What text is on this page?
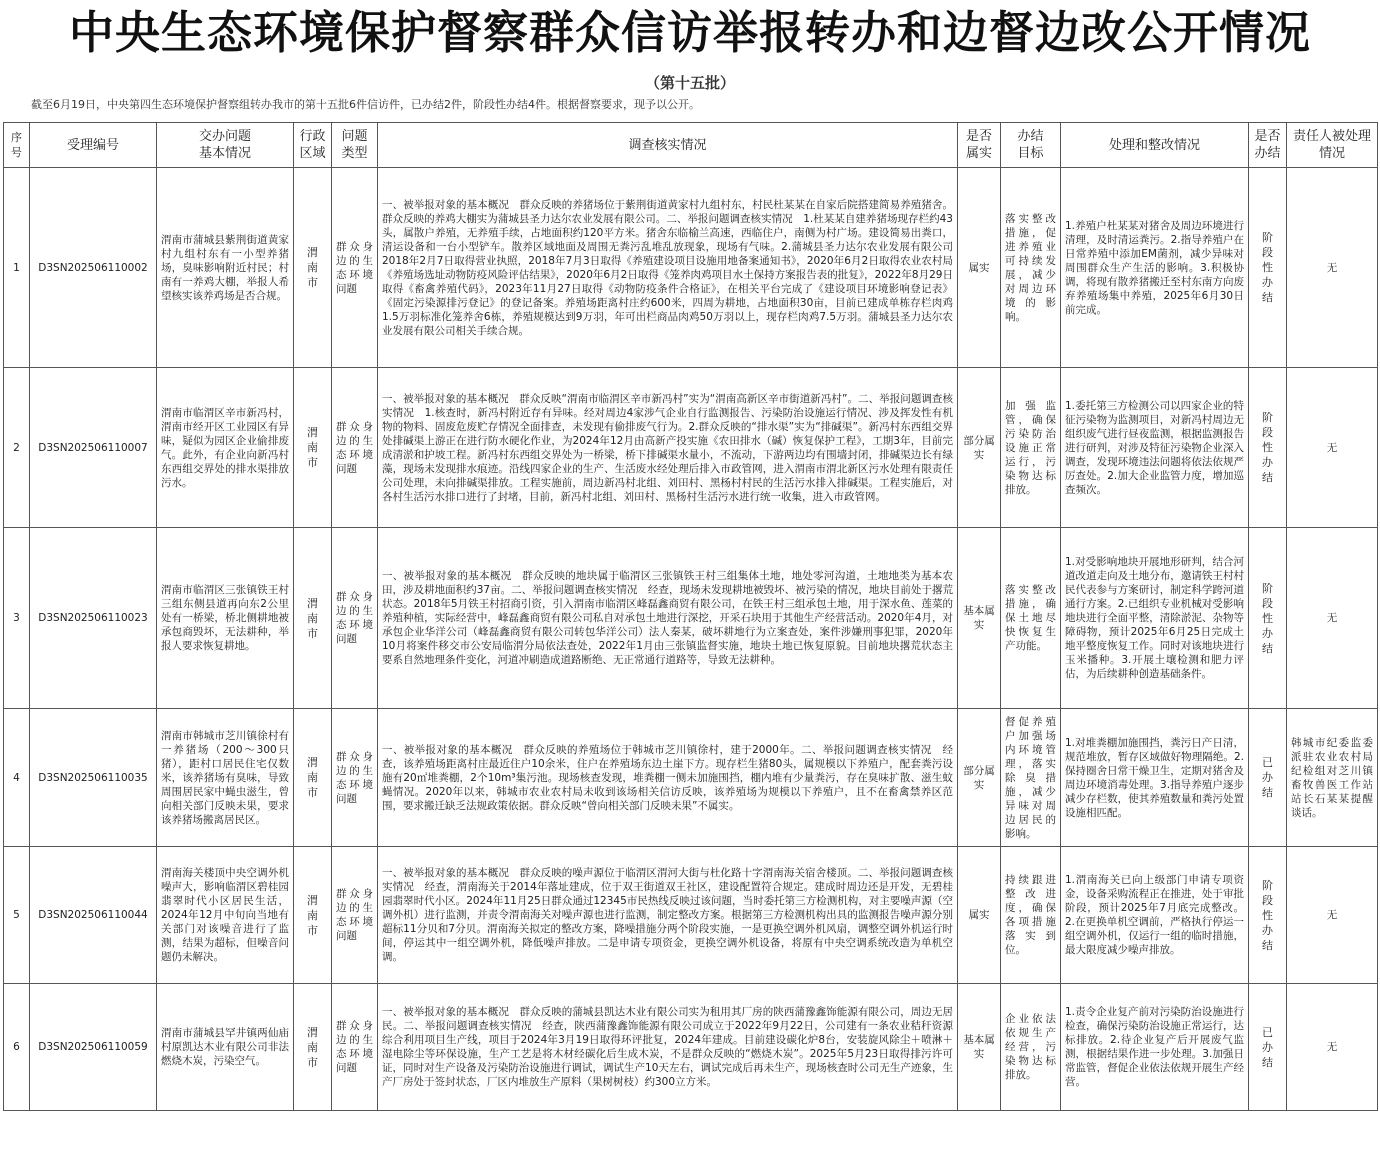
中央生态环境保护督察群众信访举报转办和边督边改公开情况
（第十五批）
截至6月19日，中央第四生态环境保护督察组转办我市的第十五批6件信访件，已办结2件，阶段性办结4件。根据督察要求，现予以公开。
序号	受理编号	交办问题基本情况	行政区域	问题类型	调查核实情况	是否属实	办结目标	处理和整改情况	是否办结	责任人被处理情况
1	D3SN202506110002	渭南市蒲城县紫荆街道黄家村九组村东有一小型养猪场，臭味影响附近村民；村南有一养鸡大棚，举报人希望核实该养鸡场是否合规。	渭南市	群众身边的生态环境问题	一、被举报对象的基本概况　群众反映的养猪场位于紫荆街道黄家村九组村东，村民杜某某在自家后院搭建简易养殖猪舍。群众反映的养鸡大棚实为蒲城县圣力达尔农业发展有限公司。二、举报问题调查核实情况　1.杜某某自建养猪场现存栏约43头，属散户养殖，无养殖手续，占地面积约120平方米。猪舍东临榆兰高速，西临住户，南侧为村广场。建设简易出粪口，清运设备和一台小型铲车。散养区域地面及周围无粪污乱堆乱放现象，现场有气味。2.蒲城县圣力达尔农业发展有限公司2018年2月7日取得营业执照，2018年7月3日取得《养殖建设项目设施用地备案通知书》，2020年6月2日取得农业农村局《养殖场选址动物防疫风险评估结果》，2020年6月2日取得《笼养肉鸡项目水土保持方案报告表的批复》，2022年8月29日取得《畜禽养殖代码》，2023年11月27日取得《动物防疫条件合格证》，在相关平台完成了《建设项目环境影响登记表》《固定污染源排污登记》的登记备案。养殖场距离村庄约600米，四周为耕地，占地面积30亩，目前已建成单栋存栏肉鸡1.5万羽标准化笼养舍6栋，养殖规模达到9万羽，年可出栏商品肉鸡50万羽以上，现存栏肉鸡7.5万羽。蒲城县圣力达尔农业发展有限公司相关手续合规。	属实	落实整改措施，促进养殖业可持续发展，减少对周边环境的影响。	1.养殖户杜某某对猪舍及周边环境进行清理，及时清运粪污。2.指导养殖户在日常养殖中添加EM菌剂，减少异味对周围群众生产生活的影响。3.积极协调，将现有散养猪搬迁至村东南方向废弃养殖场集中养殖，2025年6月30日前完成。	阶段性办结	无
2	D3SN202506110007	渭南市临渭区辛市新冯村，渭南市经开区工业园区有异味，疑似为园区企业偷排废气。此外，有企业向新冯村东西组交界处的排水渠排放污水。	渭南市	群众身边的生态环境问题	一、被举报对象的基本概况　群众反映“渭南市临渭区辛市新冯村”实为“渭南高新区辛市街道新冯村”。二、举报问题调查核实情况　1.核查时，新冯村附近存有异味。经对周边4家涉气企业自行监测报告、污染防治设施运行情况、涉及挥发性有机物的物料、固废危废贮存情况全面排查，未发现有偷排废气行为。2.群众反映的“排水渠”实为“排碱渠”。新冯村东西组交界处排碱渠上游正在进行防水硬化作业，为2024年12月由高新产投实施《农田排水（碱）恢复保护工程》，工期3年，目前完成清淤和护坡工程。新冯村东西组交界处为一桥梁，桥下排碱渠水量小，不流动，下游两边均有围墙封闭，排碱渠边长有绿藻，现场未发现排水痕迹。沿线四家企业的生产、生活废水经处理后排入市政管网，进入渭南市渭北新区污水处理有限责任公司处理，未向排碱渠排放。工程实施前，周边新冯村北组、刘田村、黑杨村村民的生活污水排入排碱渠。工程实施后，对各村生活污水排口进行了封堵，目前，新冯村北组、刘田村、黑杨村生活污水进行统一收集，进入市政管网。	部分属实	加强监管，确保污染防治设施正常运行，污染物达标排放。	1.委托第三方检测公司以四家企业的特征污染物为监测项目，对新冯村周边无组织废气进行昼夜监测，根据监测报告进行研判，对涉及特征污染物企业深入调查，发现环境违法问题将依法依规严厉查处。2.加大企业监管力度，增加巡查频次。	阶段性办结	无
3	D3SN202506110023	渭南市临渭区三张镇铁王村三组东侧县道再向东2公里处有一桥梁，桥北侧耕地被承包商毁坏，无法耕种，举报人要求恢复耕地。	渭南市	群众身边的生态环境问题	一、被举报对象的基本概况　群众反映的地块属于临渭区三张镇铁王村三组集体土地，地处零河沟道，土地地类为基本农田，涉及耕地面积约37亩。二、举报问题调查核实情况　经查，现场未发现耕地被毁坏、被污染的情况，地块目前处于撂荒状态。2018年5月铁王村招商引资，引入渭南市临渭区峰磊鑫商贸有限公司，在铁王村三组承包土地，用于深水鱼、莲菜的养殖种植，实际经营中，峰磊鑫商贸有限公司私自对承包土地进行深挖，开采石块用于其他生产经营活动。2020年4月，对承包企业华洋公司（峰磊鑫商贸有限公司转包华洋公司）法人秦某，破坏耕地行为立案查处，案件涉嫌刑事犯罪，2020年10月将案件移交市公安局临渭分局依法查处，2022年1月由三张镇监督实施，地块土地已恢复原貌。目前地块撂荒状态主要系自然地理条件变化，河道冲刷造成道路断绝、无正常通行道路等，导致无法耕种。	基本属实	落实整改措施，确保土地尽快恢复生产功能。	1.对受影响地块开展地形研判，结合河道改道走向及土地分布，邀请铁王村村民代表参与方案研讨，制定科学跨河道通行方案。2.已组织专业机械对受影响地块进行全面平整，清除淤泥、杂物等障碍物，预计2025年6月25日完成土地平整度恢复工作。同时对该地块进行玉米播种。3.开展土壤检测和肥力评估，为后续耕种创造基础条件。	阶段性办结	无
4	D3SN202506110035	渭南市韩城市芝川镇徐村有一养猪场（200～300只猪），距村口居民住宅仅数米，该养猪场有臭味，导致周围居民家中蝇虫滋生，曾向相关部门反映未果，要求该养猪场搬离居民区。	渭南市	群众身边的生态环境问题	一、被举报对象的基本概况　群众反映的养殖场位于韩城市芝川镇徐村，建于2000年。二、举报问题调查核实情况　经查，该养殖场距离村庄最近住户10余米，住户在养殖场东边土崖下方。现存栏生猪80头，属规模以下养殖户，配套粪污设施有20㎡堆粪棚，2个10m³集污池。现场核查发现，堆粪棚一侧未加施围挡，棚内堆有少量粪污，存在臭味扩散、滋生蚊蝇情况。2020年以来，韩城市农业农村局未收到该场相关信访反映，该养殖场为规模以下养殖户，且不在畜禽禁养区范围，要求搬迁缺乏法规政策依据。群众反映“曾向相关部门反映未果”不属实。	部分属实	督促养殖户加强场内环境管理，落实除臭措施，减少异味对周边居民的影响。	1.对堆粪棚加施围挡，粪污日产日清，规范堆放，暂存区域做好物理隔绝。2.保持圈舍日常干燥卫生，定期对猪舍及周边环境消毒处理。3.指导养殖户逐步减少存栏数，使其养殖数量和粪污处置设施相匹配。	已办结	韩城市纪委监委派驻农业农村局纪检组对芝川镇畜牧兽医工作站站长石某某提醒谈话。
5	D3SN202506110044	渭南海关楼顶中央空调外机噪声大，影响临渭区碧桂园翡翠时代小区居民生活，2024年12月中旬向当地有关部门对该噪音进行了监测，结果为超标，但噪音问题仍未解决。	渭南市	群众身边的生态环境问题	一、被举报对象的基本概况　群众反映的噪声源位于临渭区渭河大街与杜化路十字渭南海关宿舍楼顶。二、举报问题调查核实情况　经查，渭南海关于2014年落址建成，位于双王街道双王社区，建设配置符合规定。建成时周边还是开发，无碧桂园翡翠时代小区。2024年11月25日群众通过12345市民热线反映过该问题，当时委托第三方检测机构，对主要噪声源（空调外机）进行监测，并责令渭南海关对噪声源也进行监测，制定整改方案。根据第三方检测机构出具的监测报告噪声源分别超标11分贝和7分贝。渭南海关拟定的整改方案，降噪措施分两个阶段实施，一是更换空调外机风扇，调整空调外机运行时间，停运其中一组空调外机，降低噪声排放。二是申请专项资金，更换空调外机设备，将原有中央空调系统改造为单机空调。	属实	持续跟进整改进度，确保各项措施落实到位。	1.渭南海关已向上级部门申请专项资金，设备采购流程正在推进，处于审批阶段，预计2025年7月底完成整改。2.在更换单机空调前，严格执行停运一组空调外机，仅运行一组的临时措施，最大限度减少噪声排放。	阶段性办结	无
6	D3SN202506110059	渭南市蒲城县罕井镇两仙庙村原凯达木业有限公司非法燃烧木炭，污染空气。	渭南市	群众身边的生态环境问题	一、被举报对象的基本概况　群众反映的蒲城县凯达木业有限公司实为租用其厂房的陕西蒲豫鑫饰能源有限公司，周边无居民。二、举报问题调查核实情况　经查，陕西蒲豫鑫饰能源有限公司成立于2022年9月22日，公司建有一条农业秸秆资源综合利用项目生产线，项目于2024年3月19日取得环评批复，2024年建成。目前建设碳化炉8台，安装旋风除尘＋喷淋＋湿电除尘等环保设施，生产工艺是将木材经碳化后生成木炭，不是群众反映的“燃烧木炭”。2025年5月23日取得排污许可证，同时对生产设备及污染防治设施进行调试，调试生产10天左右，调试完成后再未生产，现场核查时公司无生产迹象，生产厂房处于签封状态，厂区内堆放生产原料（果树树枝）约300立方米。	基本属实	企业依法依规生产经营，污染物达标排放。	1.责令企业复产前对污染防治设施进行检查，确保污染防治设施正常运行，达标排放。2.待企业复产后开展废气监测，根据结果作进一步处理。3.加强日常监管，督促企业依法依规开展生产经营。	已办结	无
